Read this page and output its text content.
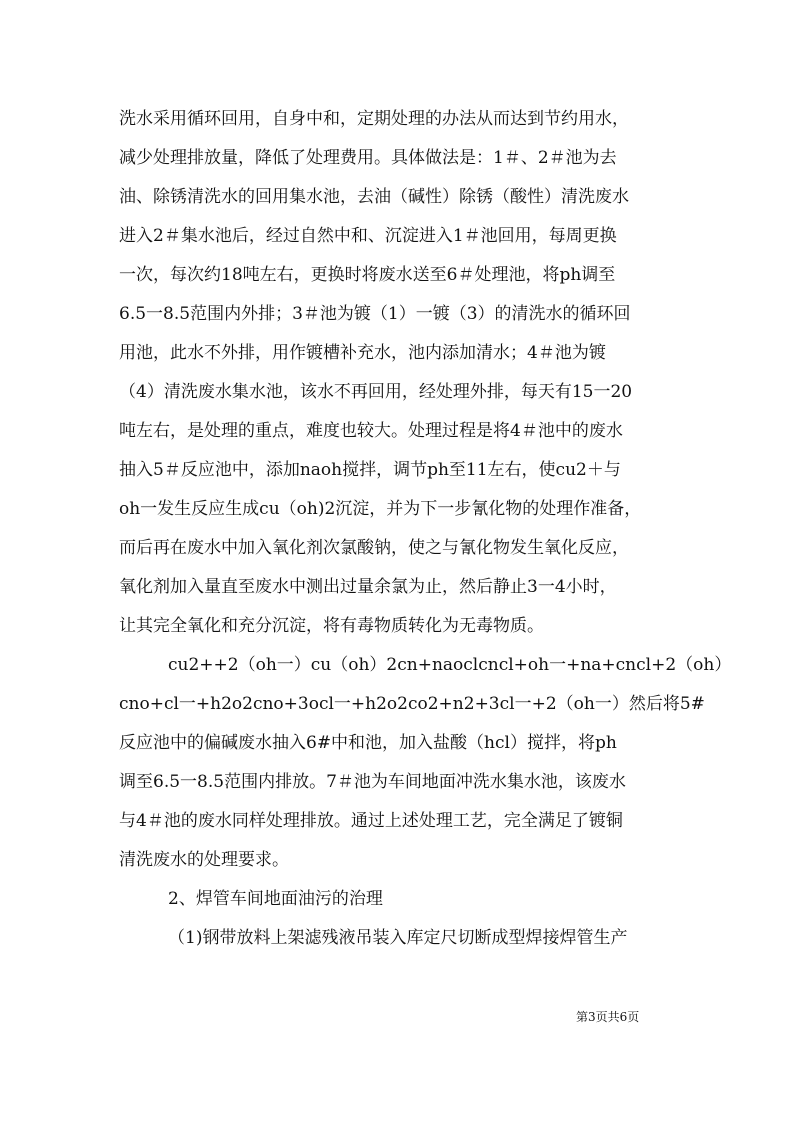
洗水采用循环回用，自身中和，定期处理的办法从而达到节约用水，
减少处理排放量，降低了处理费用。具体做法是：1＃、2＃池为去
油、除锈清洗水的回用集水池，去油（碱性）除锈（酸性）清洗废水
进入2＃集水池后，经过自然中和、沉淀进入1＃池回用，每周更换
一次，每次约18吨左右，更换时将废水送至6＃处理池，将ph调至
6.5一8.5范围内外排；3＃池为镀（1）一镀（3）的清洗水的循环回
用池，此水不外排，用作镀槽补充水，池内添加清水；4＃池为镀
（4）清洗废水集水池，该水不再回用，经处理外排，每天有15一20
吨左右，是处理的重点，难度也较大。处理过程是将4＃池中的废水
抽入5＃反应池中，添加naoh搅拌，调节ph至11左右，使cu2＋与
oh一发生反应生成cu（oh)2沉淀，并为下一步氰化物的处理作准备，
而后再在废水中加入氧化剂次氯酸钠，使之与氰化物发生氧化反应，
氧化剂加入量直至废水中测出过量余氯为止，然后静止3一4小时，
让其完全氧化和充分沉淀，将有毒物质转化为无毒物质。
cu2++2（oh一）cu（oh）2cn+naoclcncl+oh一+na+cncl+2（oh）
cno+cl一+h2o2cno+3ocl一+h2o2co2+n2+3cl一+2（oh一）然后将5#
反应池中的偏碱废水抽入6#中和池，加入盐酸（hcl）搅拌，将ph
调至6.5一8.5范围内排放。7＃池为车间地面冲洗水集水池，该废水
与4＃池的废水同样处理排放。通过上述处理工艺，完全满足了镀铜
清洗废水的处理要求。
2、焊管车间地面油污的治理
（1)钢带放料上架滤残液吊装入库定尺切断成型焊接焊管生产
第3页共6页
